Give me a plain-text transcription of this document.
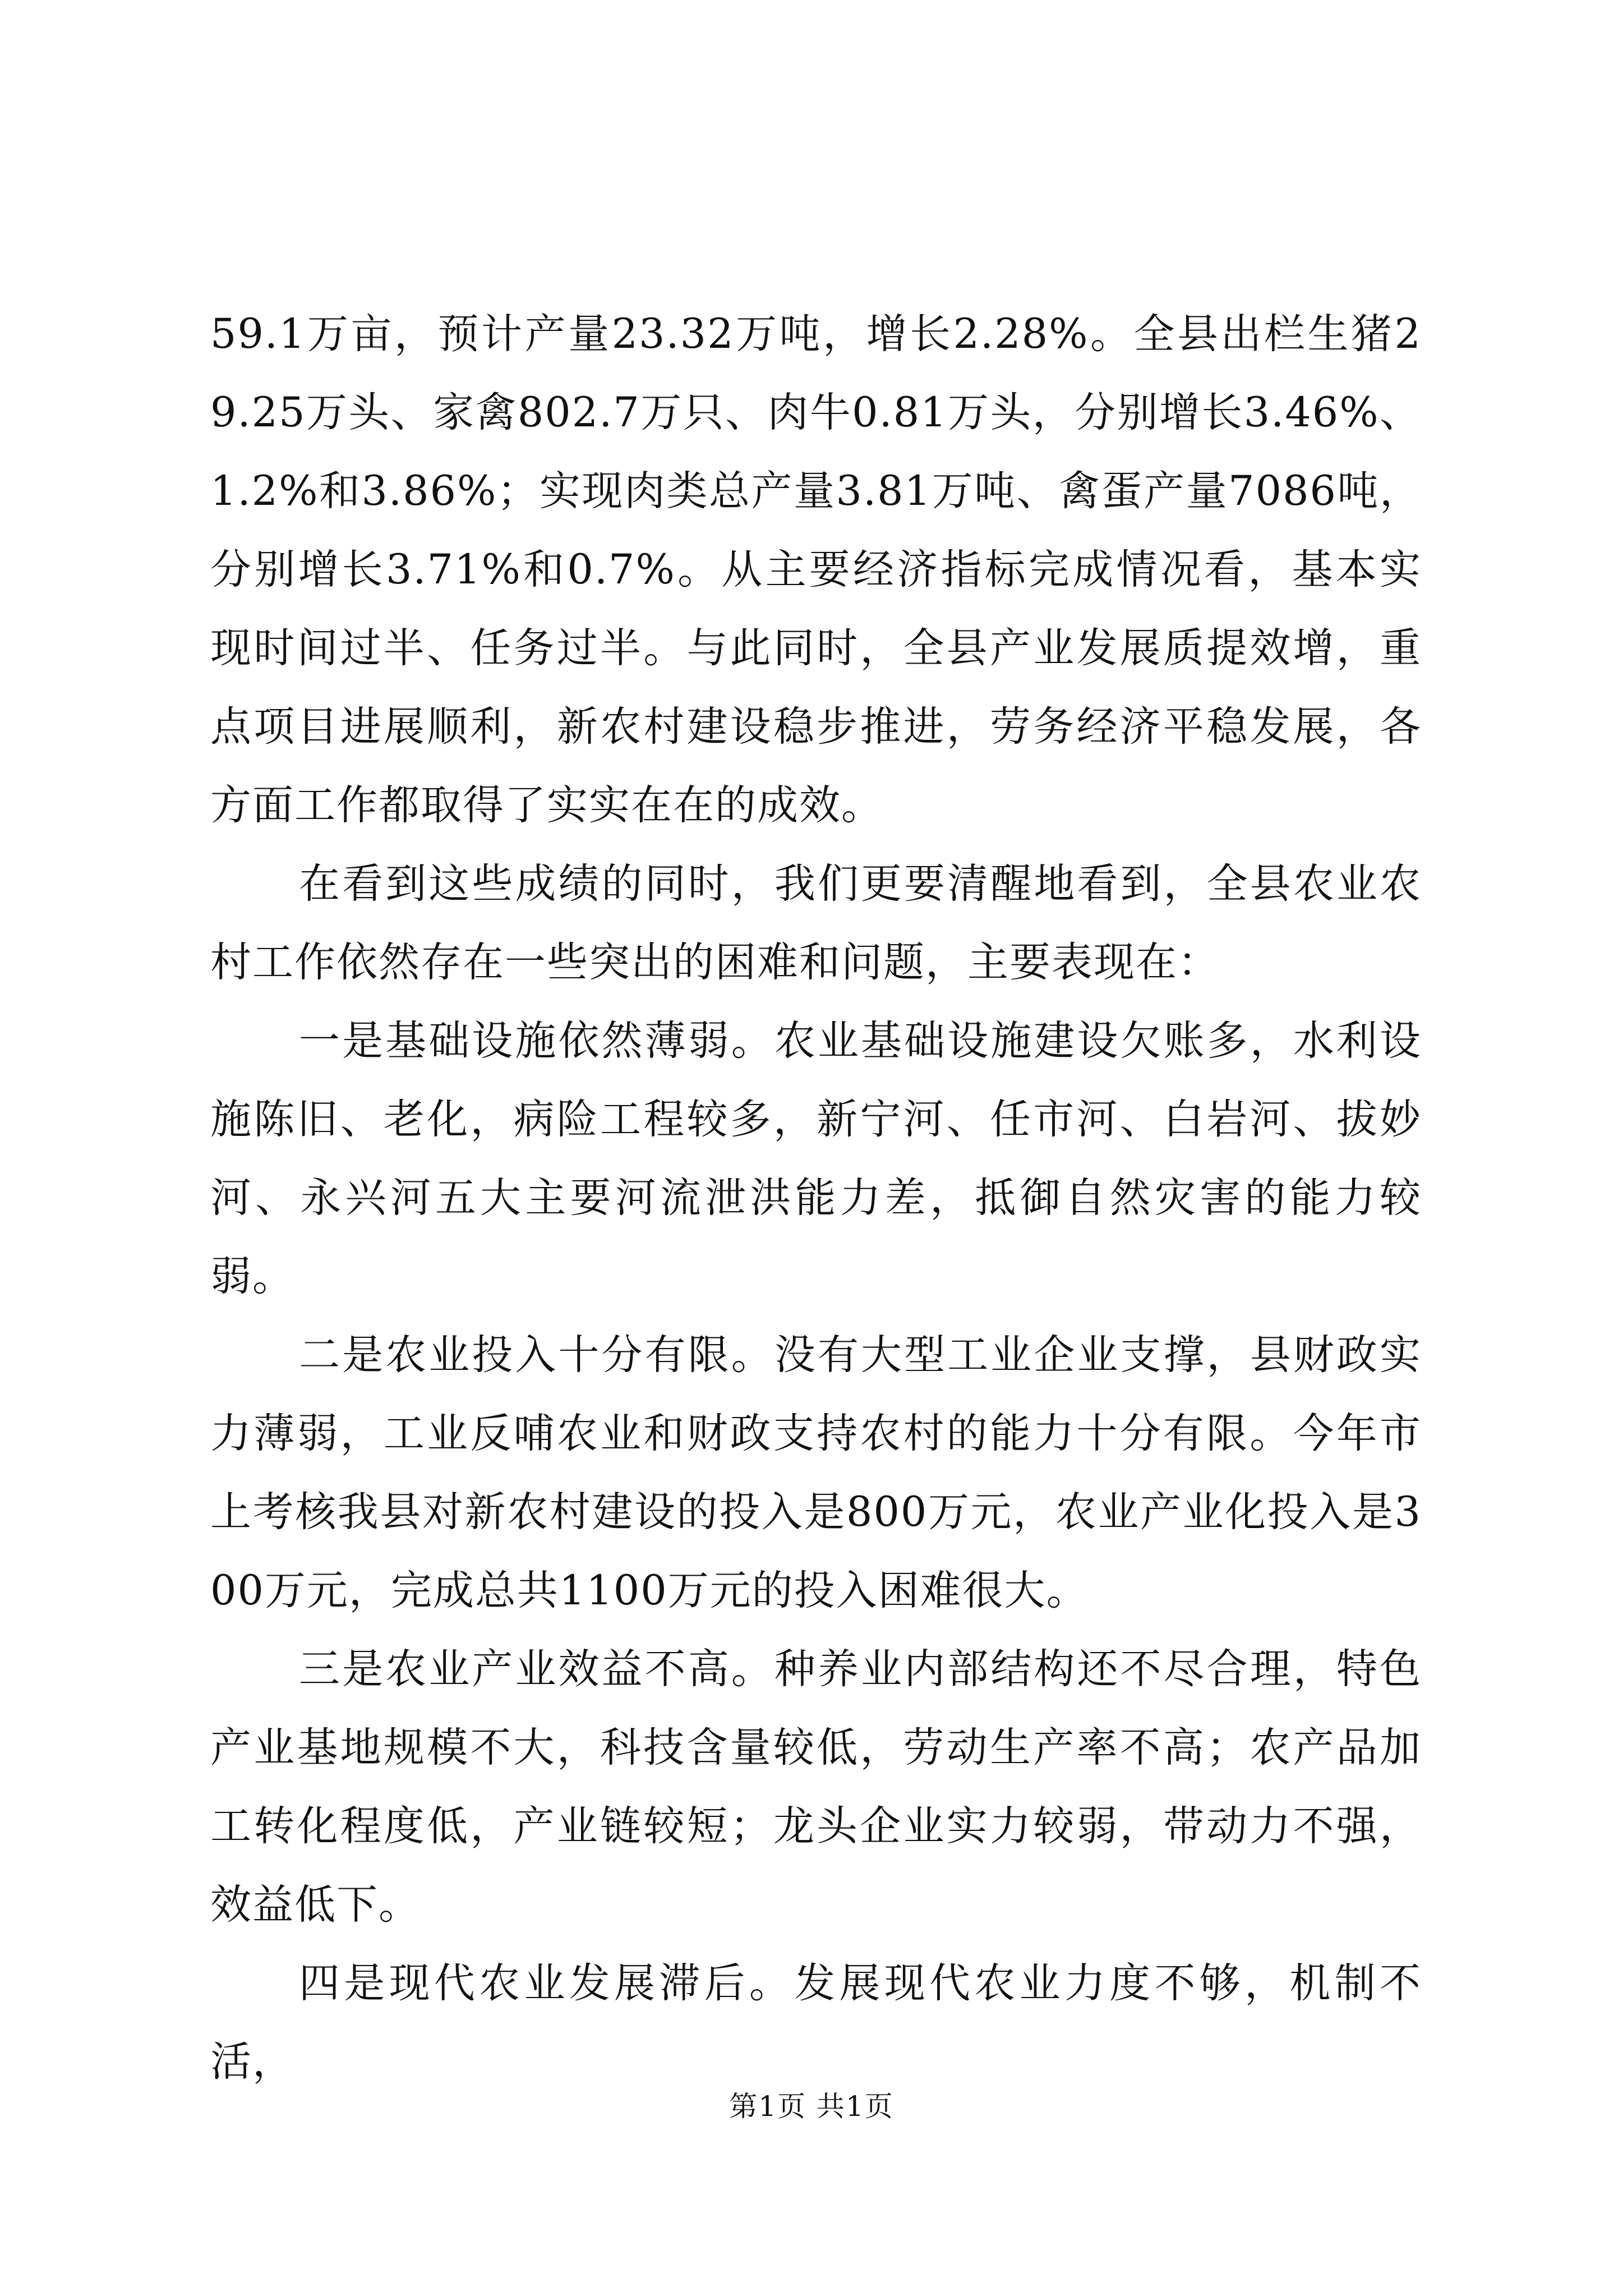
59.1万亩，预计产量23.32万吨，增长2.28%。全县出栏生猪29.25万头、家禽802.7万只、肉牛0.81万头，分别增长3.46%、1.2%和3.86%；实现肉类总产量3.81万吨、禽蛋产量7086吨，分别增长3.71%和0.7%。从主要经济指标完成情况看，基本实现时间过半、任务过半。与此同时，全县产业发展质提效增，重点项目进展顺利，新农村建设稳步推进，劳务经济平稳发展，各方面工作都取得了实实在在的成效。

在看到这些成绩的同时，我们更要清醒地看到，全县农业农村工作依然存在一些突出的困难和问题，主要表现在：

一是基础设施依然薄弱。农业基础设施建设欠账多，水利设施陈旧、老化，病险工程较多，新宁河、任市河、白岩河、拔妙河、永兴河五大主要河流泄洪能力差，抵御自然灾害的能力较弱。

二是农业投入十分有限。没有大型工业企业支撑，县财政实力薄弱，工业反哺农业和财政支持农村的能力十分有限。今年市上考核我县对新农村建设的投入是800万元，农业产业化投入是300万元，完成总共1100万元的投入困难很大。

三是农业产业效益不高。种养业内部结构还不尽合理，特色产业基地规模不大，科技含量较低，劳动生产率不高；农产品加工转化程度低，产业链较短；龙头企业实力较弱，带动力不强，效益低下。

四是现代农业发展滞后。发展现代农业力度不够，机制不活，

第1页 共1页
